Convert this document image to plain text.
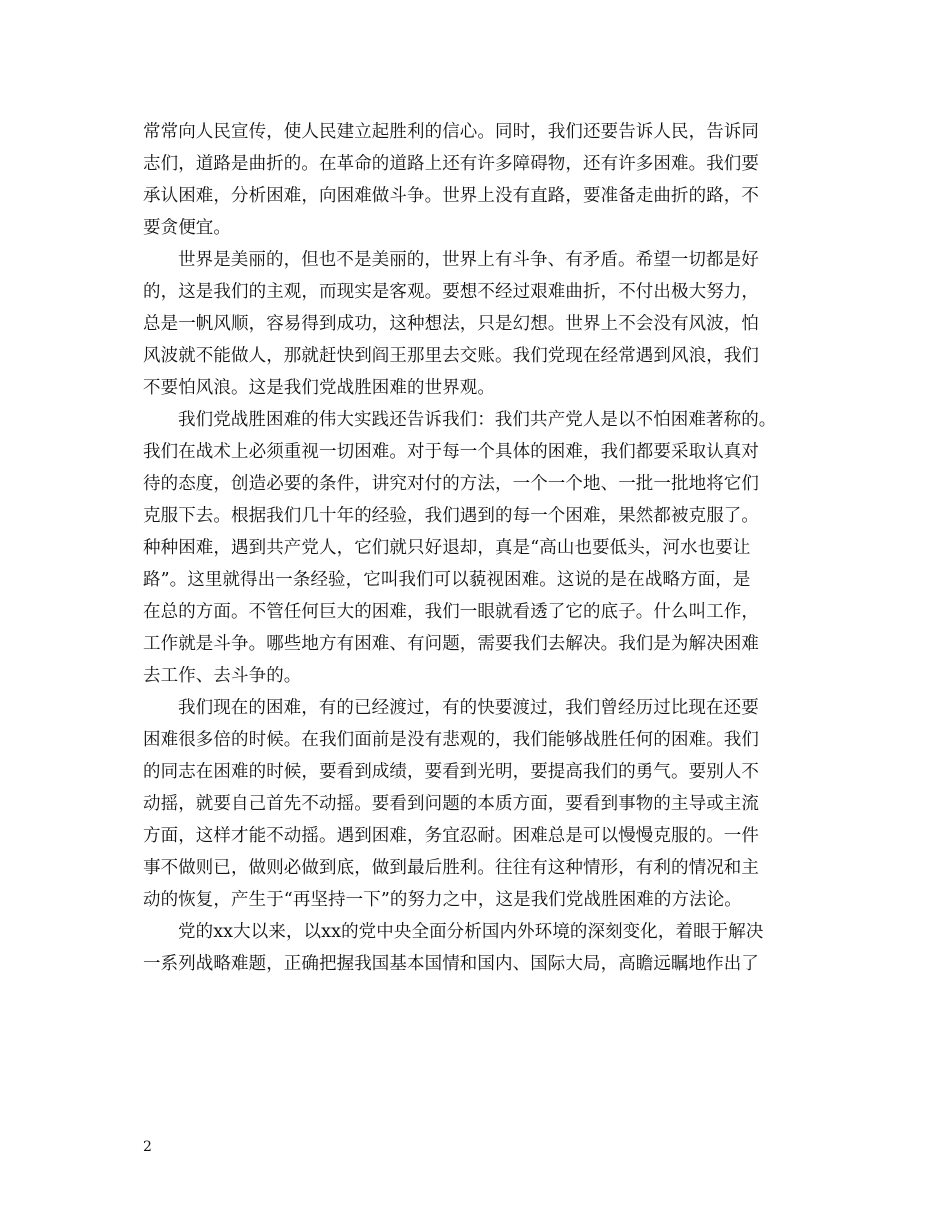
常常向人民宣传，使人民建立起胜利的信心。同时，我们还要告诉人民，告诉同
志们，道路是曲折的。在革命的道路上还有许多障碍物，还有许多困难。我们要
承认困难，分析困难，向困难做斗争。世界上没有直路，要准备走曲折的路，不
要贪便宜。
世界是美丽的，但也不是美丽的，世界上有斗争、有矛盾。希望一切都是好
的，这是我们的主观，而现实是客观。要想不经过艰难曲折，不付出极大努力，
总是一帆风顺，容易得到成功，这种想法，只是幻想。世界上不会没有风波，怕
风波就不能做人，那就赶快到阎王那里去交账。我们党现在经常遇到风浪，我们
不要怕风浪。这是我们党战胜困难的世界观。
我们党战胜困难的伟大实践还告诉我们：我们共产党人是以不怕困难著称的。
我们在战术上必须重视一切困难。对于每一个具体的困难，我们都要采取认真对
待的态度，创造必要的条件，讲究对付的方法，一个一个地、一批一批地将它们
克服下去。根据我们几十年的经验，我们遇到的每一个困难，果然都被克服了。
种种困难，遇到共产党人，它们就只好退却，真是“高山也要低头，河水也要让
路”。这里就得出一条经验，它叫我们可以藐视困难。这说的是在战略方面，是
在总的方面。不管任何巨大的困难，我们一眼就看透了它的底子。什么叫工作，
工作就是斗争。哪些地方有困难、有问题，需要我们去解决。我们是为解决困难
去工作、去斗争的。
我们现在的困难，有的已经渡过，有的快要渡过，我们曾经历过比现在还要
困难很多倍的时候。在我们面前是没有悲观的，我们能够战胜任何的困难。我们
的同志在困难的时候，要看到成绩，要看到光明，要提高我们的勇气。要别人不
动摇，就要自己首先不动摇。要看到问题的本质方面，要看到事物的主导或主流
方面，这样才能不动摇。遇到困难，务宜忍耐。困难总是可以慢慢克服的。一件
事不做则已，做则必做到底，做到最后胜利。往往有这种情形，有利的情况和主
动的恢复，产生于“再坚持一下”的努力之中，这是我们党战胜困难的方法论。
党的xx大以来，以xx的党中央全面分析国内外环境的深刻变化，着眼于解决
一系列战略难题，正确把握我国基本国情和国内、国际大局，高瞻远瞩地作出了
2
